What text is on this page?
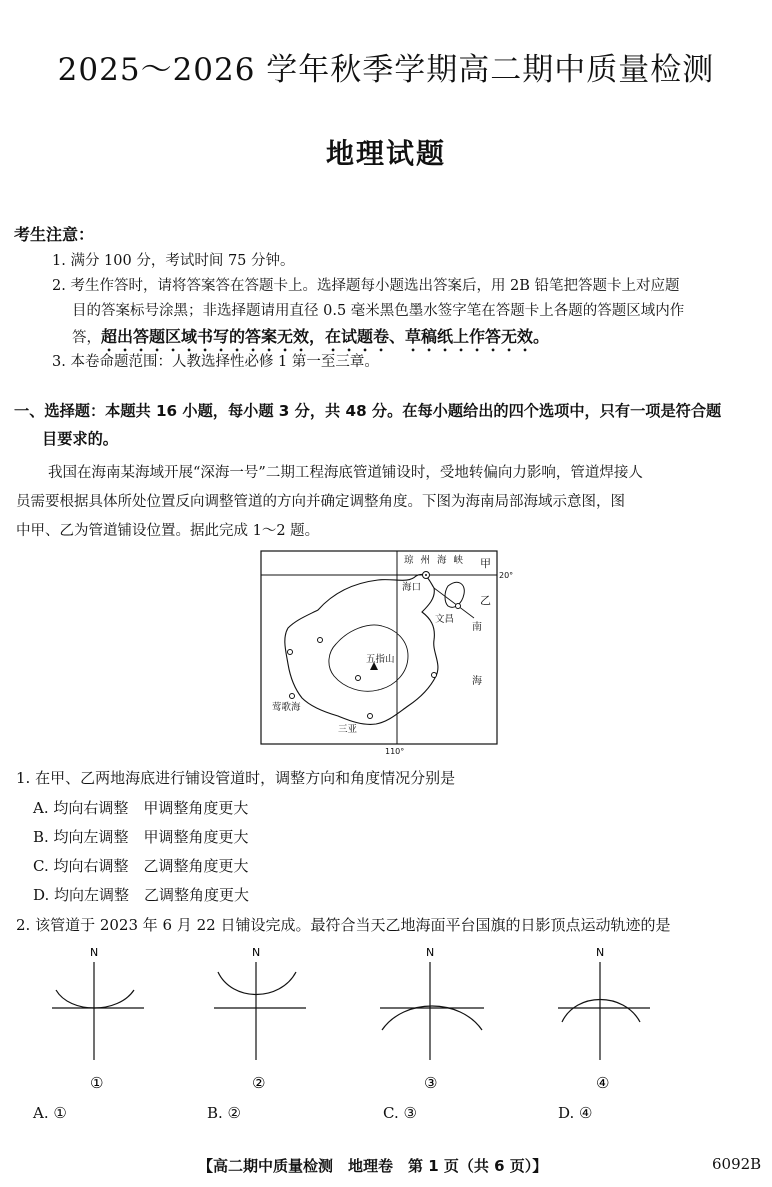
2025～2026 学年秋季学期高二期中质量检测
地理试题
考生注意：
1. 满分 100 分，考试时间 75 分钟。
2. 考生作答时，请将答案答在答题卡上。选择题每小题选出答案后，用 2B 铅笔把答题卡上对应题
目的答案标号涂黑；非选择题请用直径 0.5 毫米黑色墨水签字笔在答题卡上各题的答题区域内作
答，超出答题区域书写的答案无效，在试题卷、草稿纸上作答无效。
3. 本卷命题范围：人教选择性必修 1 第一至三章。
一、选择题：本题共 16 小题，每小题 3 分，共 48 分。在每小题给出的四个选项中，只有一项是符合题
目要求的。
我国在海南某海域开展“深海一号”二期工程海底管道铺设时，受地转偏向力影响，管道焊接人
员需要根据具体所处位置反向调整管道的方向并确定调整角度。下图为海南局部海域示意图，图
中甲、乙为管道铺设位置。据此完成 1～2 题。
琼 州 海 峡 甲
20°
110°
海口
文昌
乙
南
海
五指山
莺歌海
三亚
1. 在甲、乙两地海底进行铺设管道时，调整方向和角度情况分别是
A. 均向右调整　甲调整角度更大
B. 均向左调整　甲调整角度更大
C. 均向右调整　乙调整角度更大
D. 均向左调整　乙调整角度更大
2. 该管道于 2023 年 6 月 22 日铺设完成。最符合当天乙地海面平台国旗的日影顶点运动轨迹的是
N
①
N
②
N
③
N
④
A. ①	B. ②	C. ③	D. ④
【高二期中质量检测　地理卷　第 1 页（共 6 页）】	6092B
